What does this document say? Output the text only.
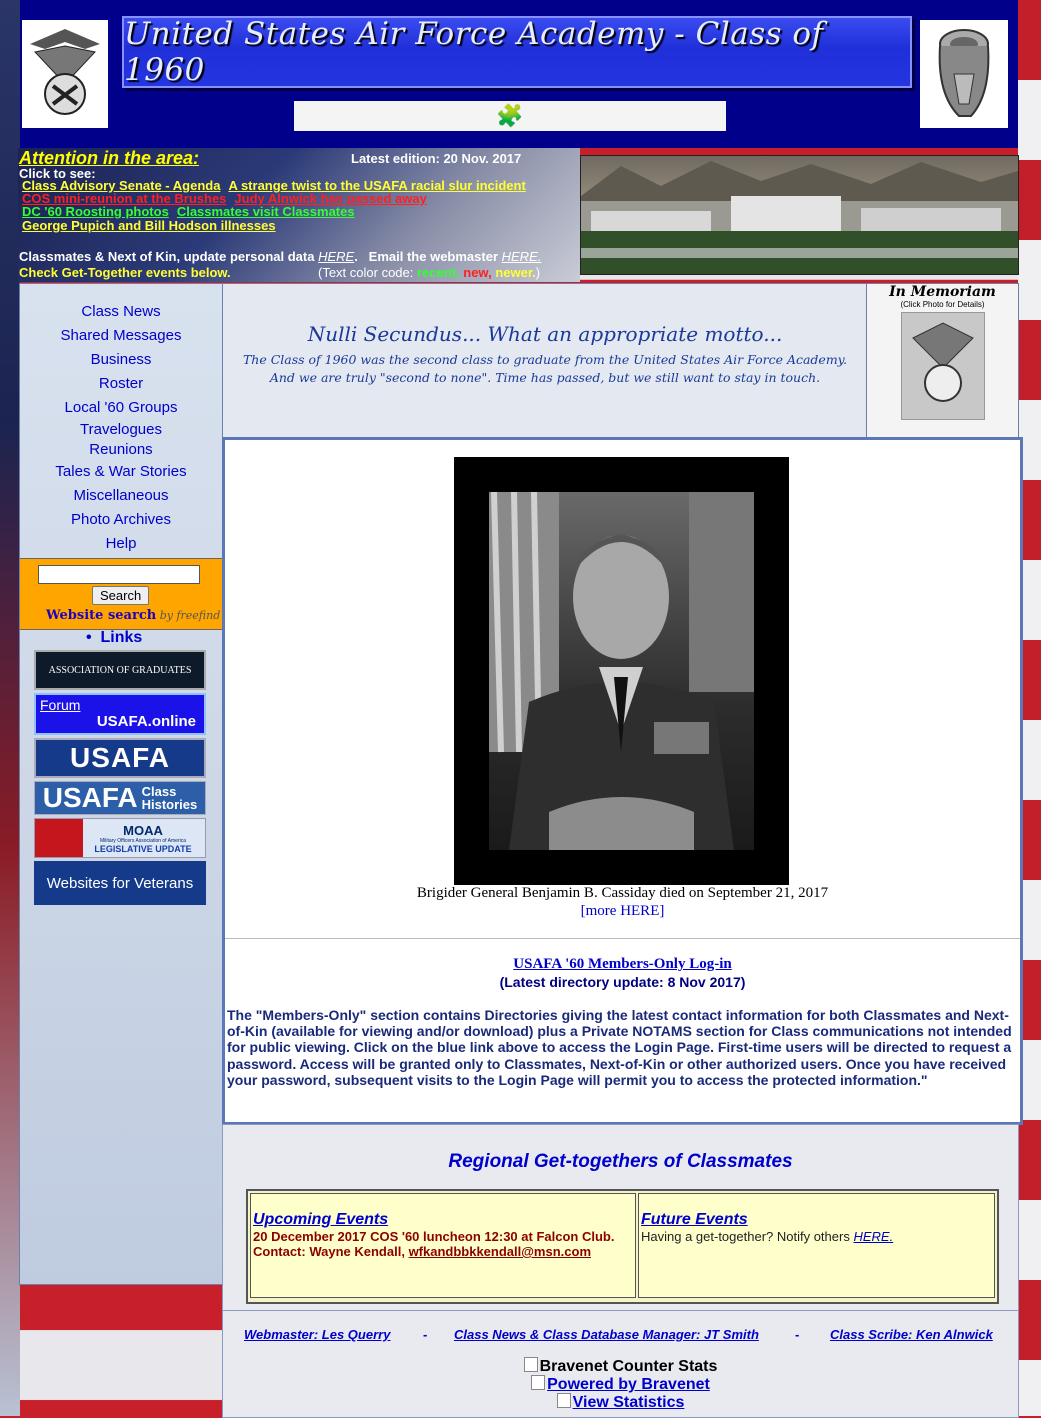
United States Air Force Academy - Class of 1960
🧩
Attention in the area:	Latest edition: 20 Nov. 2017
Click to see:
Class Advisory Senate - Agenda A strange twist to the USAFA racial slur incident
COS mini-reunion at the Brushes Judy Alnwick has passed away
DC '60 Roosting photos Classmates visit Classmates
George Pupich and Bill Hodson illnesses
Classmates & Next of Kin, update personal data HERE.   Email the webmaster HERE.
Check Get-Together events below.	(Text color code: recent, new, newer.)
Class News
Shared Messages
Business
Roster
Local '60 Groups
Travelogues
Reunions
Tales & War Stories
Miscellaneous
Photo Archives
Help
Search
Website search by freefind
•  Links
ASSOCIATION OF GRADUATES
Forum
USAFA.online
USAFA
USAFA Class
Histories
MOAA
Military Officers Association of America
LEGISLATIVE UPDATE
Websites for Veterans
Nulli Secundus... What an appropriate motto...

The Class of 1960 was the second class to graduate from the United States Air Force Academy.

And we are truly "second to none". Time has passed, but we still want to stay in touch.

In Memoriam
(Click Photo for Details)
Brigider General Benjamin B. Cassiday died on September 21, 2017
[more HERE]
USAFA '60 Members-Only Log-in
(Latest directory update: 8 Nov 2017)
The "Members-Only" section contains Directories giving the latest contact information for both Classmates and Next-of-Kin (available for viewing and/or download) plus a Private NOTAMS section for Class communications not intended for public viewing. Click on the blue link above to access the Login Page. First-time users will be directed to request a password. Access will be granted only to Classmates, Next-of-Kin or other authorized users. Once you have received your password, subsequent visits to the Login Page will permit you to access the protected information."
Regional Get-togethers of Classmates
Upcoming Events
20 December 2017 COS '60 luncheon 12:30 at Falcon Club.
Contact: Wayne Kendall, wfkandbbkkendall@msn.com
Future Events
Having a get-together? Notify others HERE.
Webmaster: Les Querry	- Class News & Class Database Manager: JT Smith	- Class Scribe: Ken Alnwick
Bravenet Counter Stats
Powered by Bravenet
View Statistics
